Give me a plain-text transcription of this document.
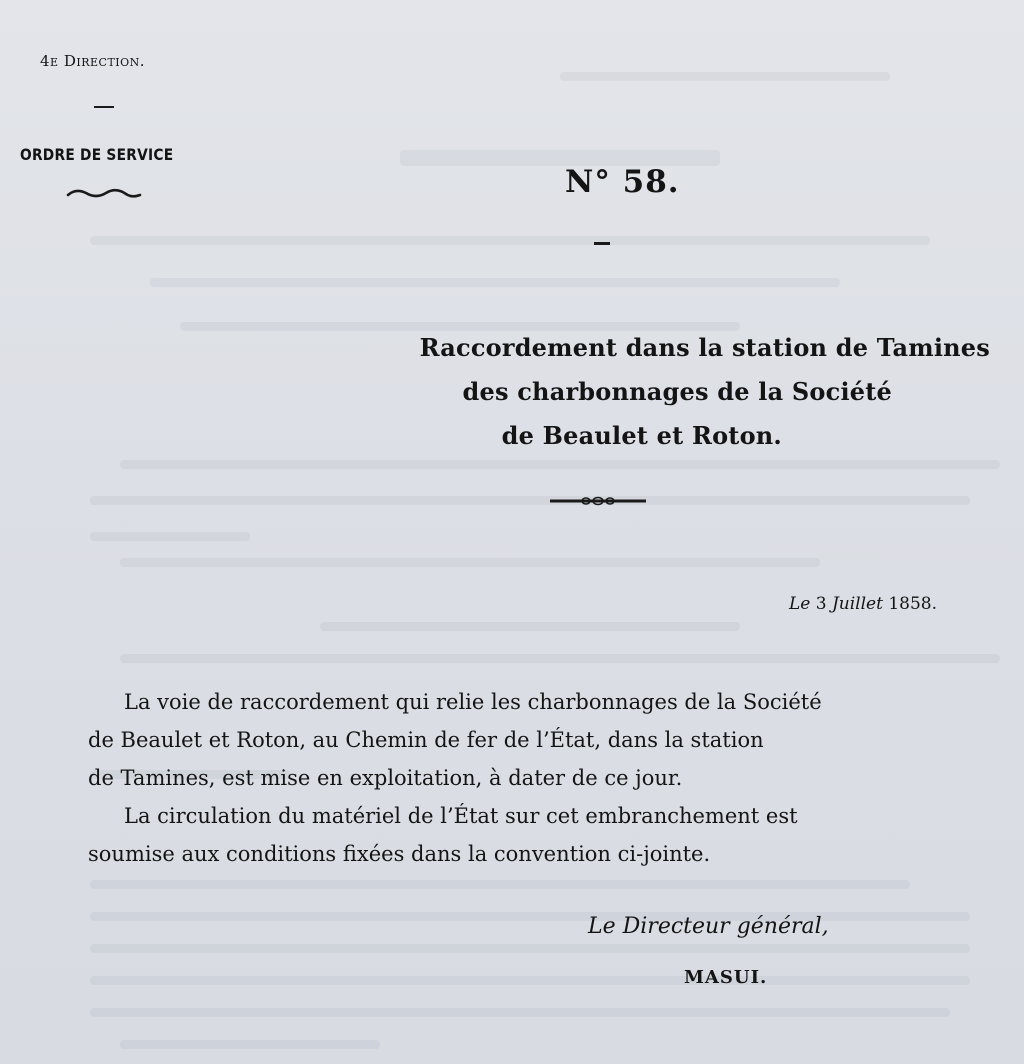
4e Direction.
ORDRE DE SERVICE
N° 58.
Raccordement dans la station de Tamines
des charbonnages de la Société
de Beaulet et Roton.
Le 3 Juillet 1858.

La voie de raccordement qui relie les charbonnages de la Société

de Beaulet et Roton, au Chemin de fer de l’État, dans la station

de Tamines, est mise en exploitation, à dater de ce jour.

La circulation du matériel de l’État sur cet embranchement est

soumise aux conditions fixées dans la convention ci-jointe.

Le Directeur général,
MASUI.
